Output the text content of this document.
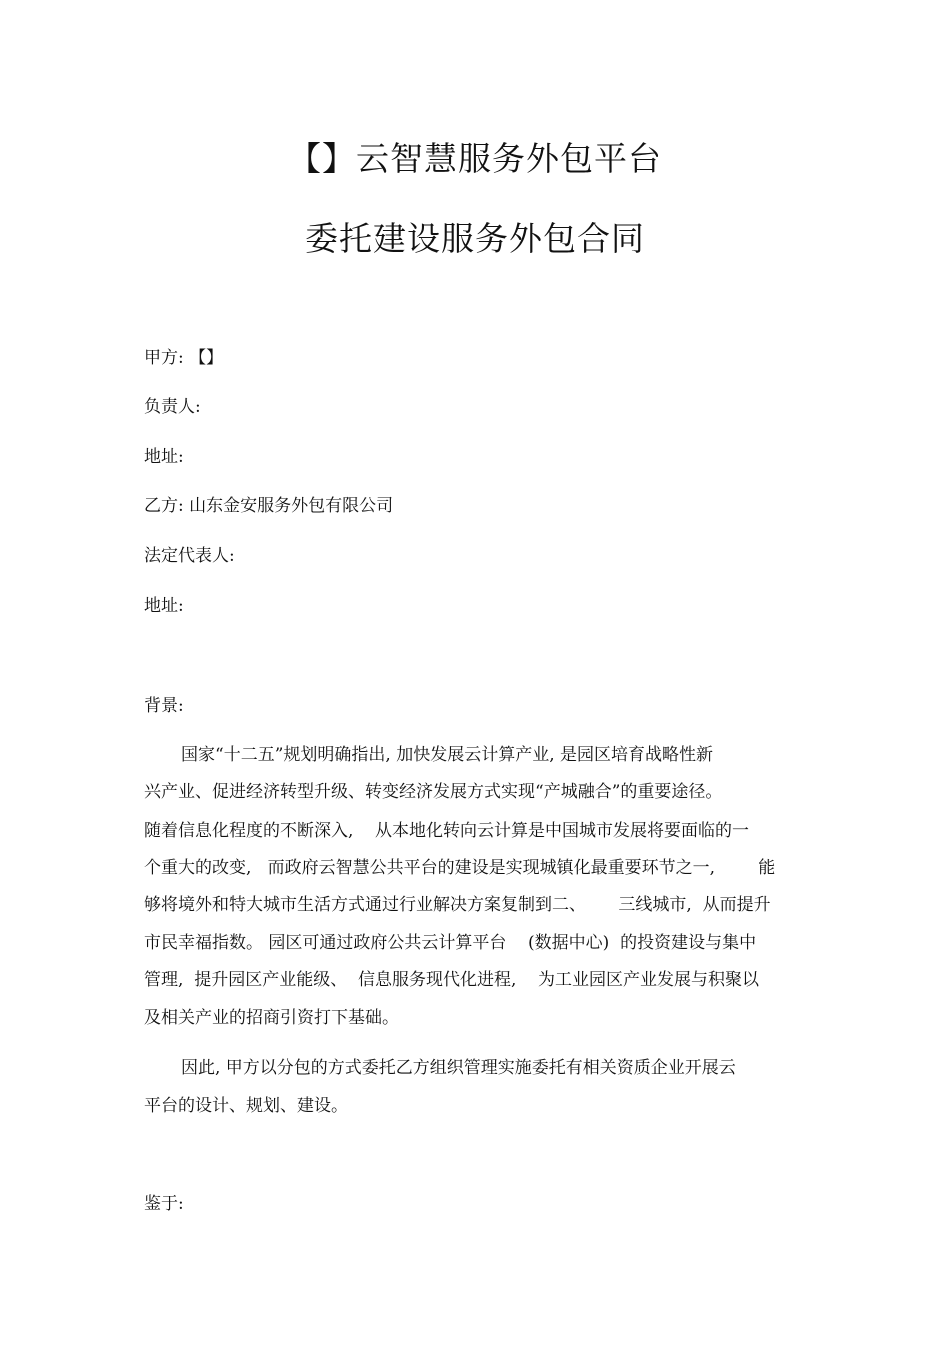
【】云智慧服务外包平台
委托建设服务外包合同
甲方: 【】
负责人:
地址:
乙方: 山东金安服务外包有限公司
法定代表人:
地址:
背景:
国家“十二五”规划明确指出, 加快发展云计算产业, 是园区培育战略性新
兴产业、促进经济转型升级、转变经济发展方式实现“产城融合”的重要途径。
随着信息化程度的不断深入,    从本地化转向云计算是中国城市发展将要面临的一
个重大的改变,   而政府云智慧公共平台的建设是实现城镇化最重要环节之一,        能
够将境外和特大城市生活方式通过行业解决方案复制到二、      三线城市,  从而提升
市民幸福指数。 园区可通过政府公共云计算平台    (数据中心)  的投资建设与集中
管理,  提升园区产业能级、  信息服务现代化进程,    为工业园区产业发展与积聚以
及相关产业的招商引资打下基础。
因此, 甲方以分包的方式委托乙方组织管理实施委托有相关资质企业开展云
平台的设计、规划、建设。
鉴于:
